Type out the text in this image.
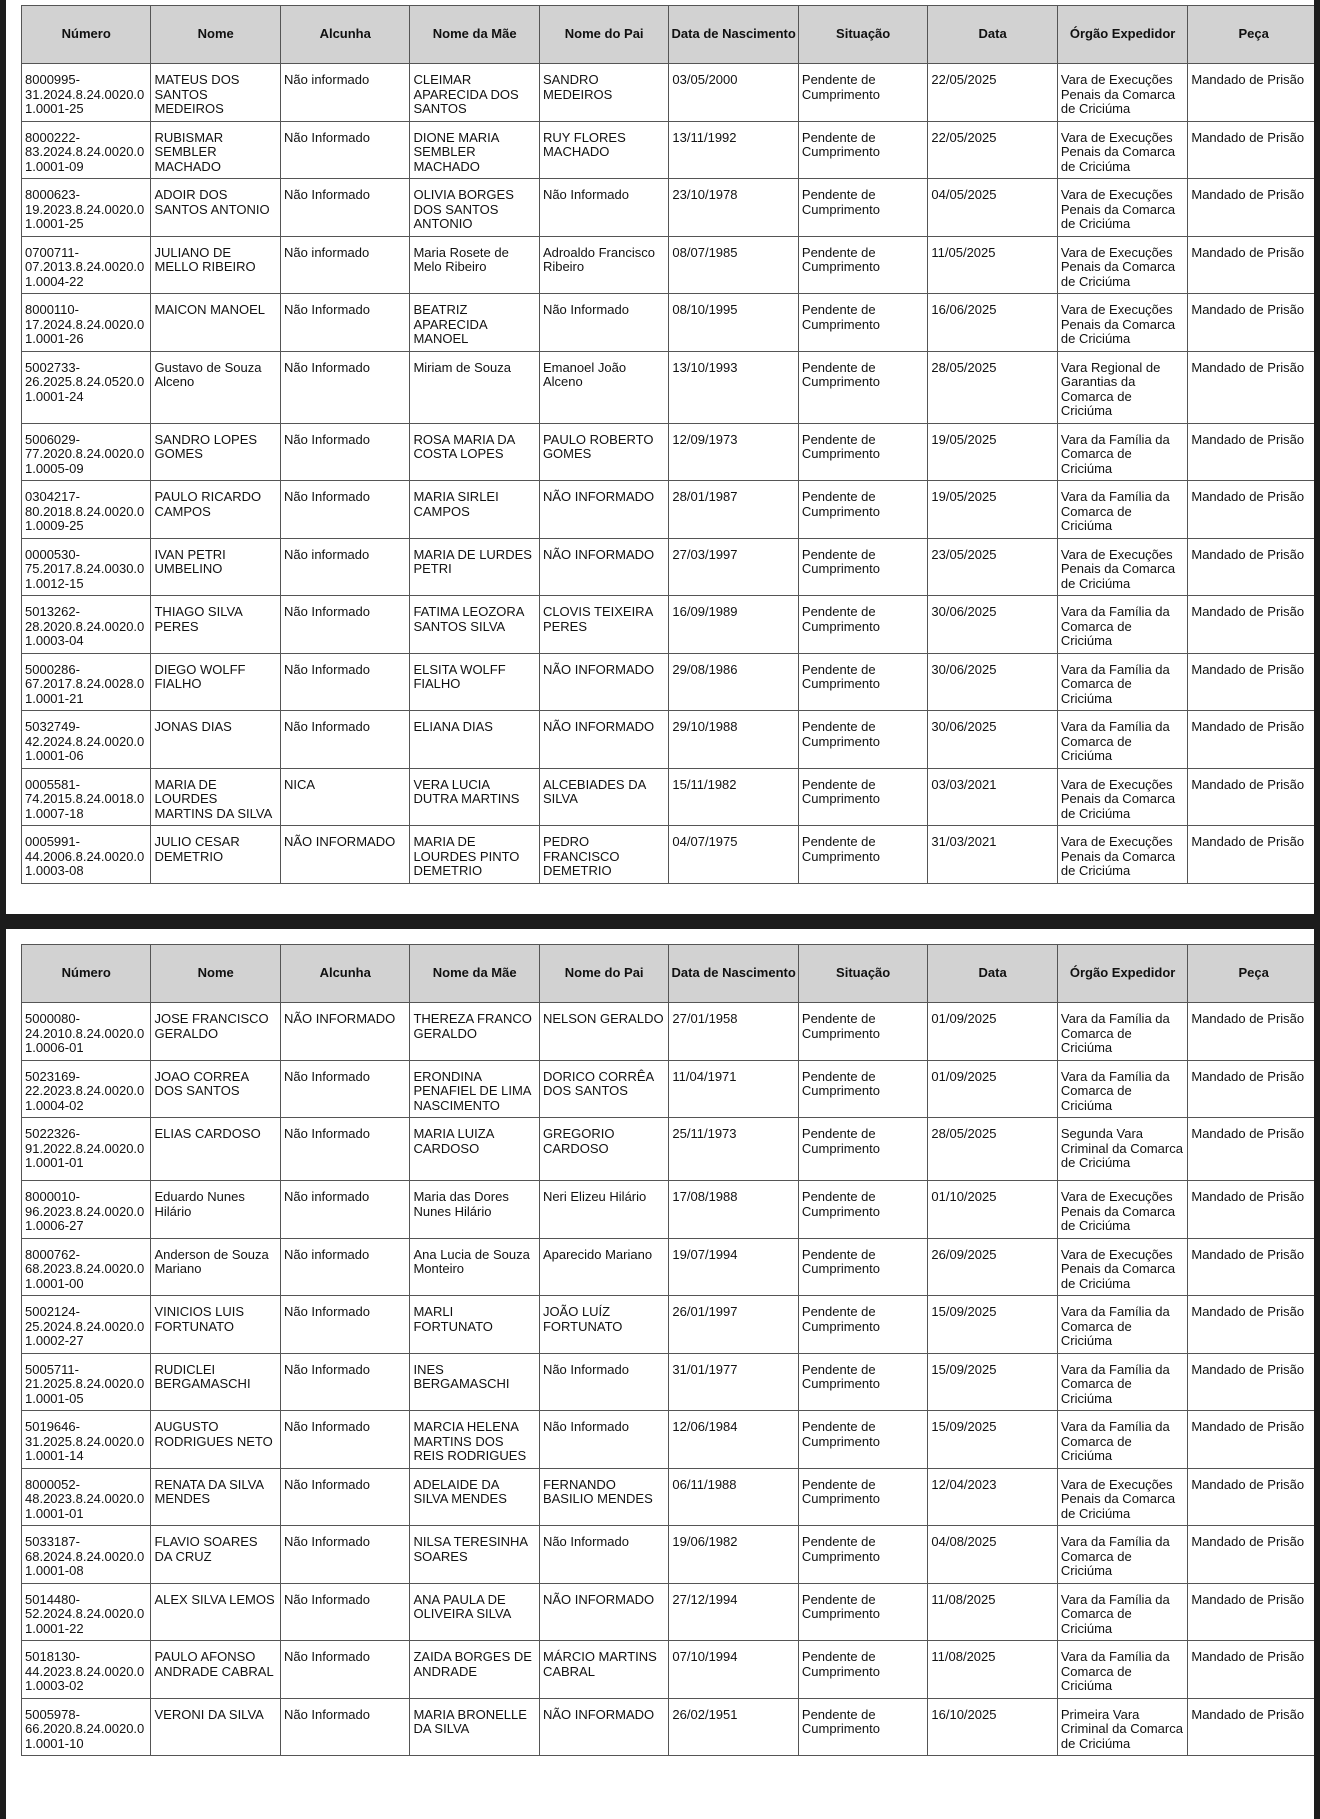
Número	Nome	Alcunha	Nome da Mãe	Nome do Pai	Data de Nascimento	Situação	Data	Órgão Expedidor	Peça
8000995-31.2024.8.24.0020.01.0001-25	MATEUS DOS SANTOS MEDEIROS	Não informado	CLEIMAR APARECIDA DOS SANTOS	SANDRO MEDEIROS	03/05/2000	Pendente de Cumprimento	22/05/2025	Vara de Execuções Penais da Comarca de Criciúma	Mandado de Prisão
8000222-83.2024.8.24.0020.01.0001-09	RUBISMAR SEMBLER MACHADO	Não Informado	DIONE MARIA SEMBLER MACHADO	RUY FLORES MACHADO	13/11/1992	Pendente de Cumprimento	22/05/2025	Vara de Execuções Penais da Comarca de Criciúma	Mandado de Prisão
8000623-19.2023.8.24.0020.01.0001-25	ADOIR DOS SANTOS ANTONIO	Não Informado	OLIVIA BORGES DOS SANTOS ANTONIO	Não Informado	23/10/1978	Pendente de Cumprimento	04/05/2025	Vara de Execuções Penais da Comarca de Criciúma	Mandado de Prisão
0700711-07.2013.8.24.0020.01.0004-22	JULIANO DE MELLO RIBEIRO	Não informado	Maria Rosete de Melo Ribeiro	Adroaldo Francisco Ribeiro	08/07/1985	Pendente de Cumprimento	11/05/2025	Vara de Execuções Penais da Comarca de Criciúma	Mandado de Prisão
8000110-17.2024.8.24.0020.01.0001-26	MAICON MANOEL	Não Informado	BEATRIZ APARECIDA MANOEL	Não Informado	08/10/1995	Pendente de Cumprimento	16/06/2025	Vara de Execuções Penais da Comarca de Criciúma	Mandado de Prisão
5002733-26.2025.8.24.0520.01.0001-24	Gustavo de Souza Alceno	Não Informado	Miriam de Souza	Emanoel João Alceno	13/10/1993	Pendente de Cumprimento	28/05/2025	Vara Regional de Garantias da Comarca de Criciúma	Mandado de Prisão
5006029-77.2020.8.24.0020.01.0005-09	SANDRO LOPES GOMES	Não Informado	ROSA MARIA DA COSTA LOPES	PAULO ROBERTO GOMES	12/09/1973	Pendente de Cumprimento	19/05/2025	Vara da Família da Comarca de Criciúma	Mandado de Prisão
0304217-80.2018.8.24.0020.01.0009-25	PAULO RICARDO CAMPOS	Não Informado	MARIA SIRLEI CAMPOS	NÃO INFORMADO	28/01/1987	Pendente de Cumprimento	19/05/2025	Vara da Família da Comarca de Criciúma	Mandado de Prisão
0000530-75.2017.8.24.0030.01.0012-15	IVAN PETRI UMBELINO	Não informado	MARIA DE LURDES PETRI	NÃO INFORMADO	27/03/1997	Pendente de Cumprimento	23/05/2025	Vara de Execuções Penais da Comarca de Criciúma	Mandado de Prisão
5013262-28.2020.8.24.0020.01.0003-04	THIAGO SILVA PERES	Não Informado	FATIMA LEOZORA SANTOS SILVA	CLOVIS TEIXEIRA PERES	16/09/1989	Pendente de Cumprimento	30/06/2025	Vara da Família da Comarca de Criciúma	Mandado de Prisão
5000286-67.2017.8.24.0028.01.0001-21	DIEGO WOLFF FIALHO	Não Informado	ELSITA WOLFF FIALHO	NÃO INFORMADO	29/08/1986	Pendente de Cumprimento	30/06/2025	Vara da Família da Comarca de Criciúma	Mandado de Prisão
5032749-42.2024.8.24.0020.01.0001-06	JONAS DIAS	Não Informado	ELIANA DIAS	NÃO INFORMADO	29/10/1988	Pendente de Cumprimento	30/06/2025	Vara da Família da Comarca de Criciúma	Mandado de Prisão
0005581-74.2015.8.24.0018.01.0007-18	MARIA DE LOURDES MARTINS DA SILVA	NICA	VERA LUCIA DUTRA MARTINS	ALCEBIADES DA SILVA	15/11/1982	Pendente de Cumprimento	03/03/2021	Vara de Execuções Penais da Comarca de Criciúma	Mandado de Prisão
0005991-44.2006.8.24.0020.01.0003-08	JULIO CESAR DEMETRIO	NÃO INFORMADO	MARIA DE LOURDES PINTO DEMETRIO	PEDRO FRANCISCO DEMETRIO	04/07/1975	Pendente de Cumprimento	31/03/2021	Vara de Execuções Penais da Comarca de Criciúma	Mandado de Prisão
Número	Nome	Alcunha	Nome da Mãe	Nome do Pai	Data de Nascimento	Situação	Data	Órgão Expedidor	Peça
5000080-24.2010.8.24.0020.01.0006-01	JOSE FRANCISCO GERALDO	NÃO INFORMADO	THEREZA FRANCO GERALDO	NELSON GERALDO	27/01/1958	Pendente de Cumprimento	01/09/2025	Vara da Família da Comarca de Criciúma	Mandado de Prisão
5023169-22.2023.8.24.0020.01.0004-02	JOAO CORREA DOS SANTOS	Não Informado	ERONDINA PENAFIEL DE LIMA NASCIMENTO	DORICO CORRÊA DOS SANTOS	11/04/1971	Pendente de Cumprimento	01/09/2025	Vara da Família da Comarca de Criciúma	Mandado de Prisão
5022326-91.2022.8.24.0020.01.0001-01	ELIAS CARDOSO	Não Informado	MARIA LUIZA CARDOSO	GREGORIO CARDOSO	25/11/1973	Pendente de Cumprimento	28/05/2025	Segunda Vara Criminal da Comarca de Criciúma	Mandado de Prisão
8000010-96.2023.8.24.0020.01.0006-27	Eduardo Nunes Hilário	Não informado	Maria das Dores Nunes Hilário	Neri Elizeu Hilário	17/08/1988	Pendente de Cumprimento	01/10/2025	Vara de Execuções Penais da Comarca de Criciúma	Mandado de Prisão
8000762-68.2023.8.24.0020.01.0001-00	Anderson de Souza Mariano	Não informado	Ana Lucia de Souza Monteiro	Aparecido Mariano	19/07/1994	Pendente de Cumprimento	26/09/2025	Vara de Execuções Penais da Comarca de Criciúma	Mandado de Prisão
5002124-25.2024.8.24.0020.01.0002-27	VINICIOS LUIS FORTUNATO	Não Informado	MARLI FORTUNATO	JOÃO LUÍZ FORTUNATO	26/01/1997	Pendente de Cumprimento	15/09/2025	Vara da Família da Comarca de Criciúma	Mandado de Prisão
5005711-21.2025.8.24.0020.01.0001-05	RUDICLEI BERGAMASCHI	Não Informado	INES BERGAMASCHI	Não Informado	31/01/1977	Pendente de Cumprimento	15/09/2025	Vara da Família da Comarca de Criciúma	Mandado de Prisão
5019646-31.2025.8.24.0020.01.0001-14	AUGUSTO RODRIGUES NETO	Não Informado	MARCIA HELENA MARTINS DOS REIS RODRIGUES	Não Informado	12/06/1984	Pendente de Cumprimento	15/09/2025	Vara da Família da Comarca de Criciúma	Mandado de Prisão
8000052-48.2023.8.24.0020.01.0001-01	RENATA DA SILVA MENDES	Não Informado	ADELAIDE DA SILVA MENDES	FERNANDO BASILIO MENDES	06/11/1988	Pendente de Cumprimento	12/04/2023	Vara de Execuções Penais da Comarca de Criciúma	Mandado de Prisão
5033187-68.2024.8.24.0020.01.0001-08	FLAVIO SOARES DA CRUZ	Não Informado	NILSA TERESINHA SOARES	Não Informado	19/06/1982	Pendente de Cumprimento	04/08/2025	Vara da Família da Comarca de Criciúma	Mandado de Prisão
5014480-52.2024.8.24.0020.01.0001-22	ALEX SILVA LEMOS	Não Informado	ANA PAULA DE OLIVEIRA SILVA	NÃO INFORMADO	27/12/1994	Pendente de Cumprimento	11/08/2025	Vara da Família da Comarca de Criciúma	Mandado de Prisão
5018130-44.2023.8.24.0020.01.0003-02	PAULO AFONSO ANDRADE CABRAL	Não Informado	ZAIDA BORGES DE ANDRADE	MÁRCIO MARTINS CABRAL	07/10/1994	Pendente de Cumprimento	11/08/2025	Vara da Família da Comarca de Criciúma	Mandado de Prisão
5005978-66.2020.8.24.0020.01.0001-10	VERONI DA SILVA	Não Informado	MARIA BRONELLE DA SILVA	NÃO INFORMADO	26/02/1951	Pendente de Cumprimento	16/10/2025	Primeira Vara Criminal da Comarca de Criciúma	Mandado de Prisão
